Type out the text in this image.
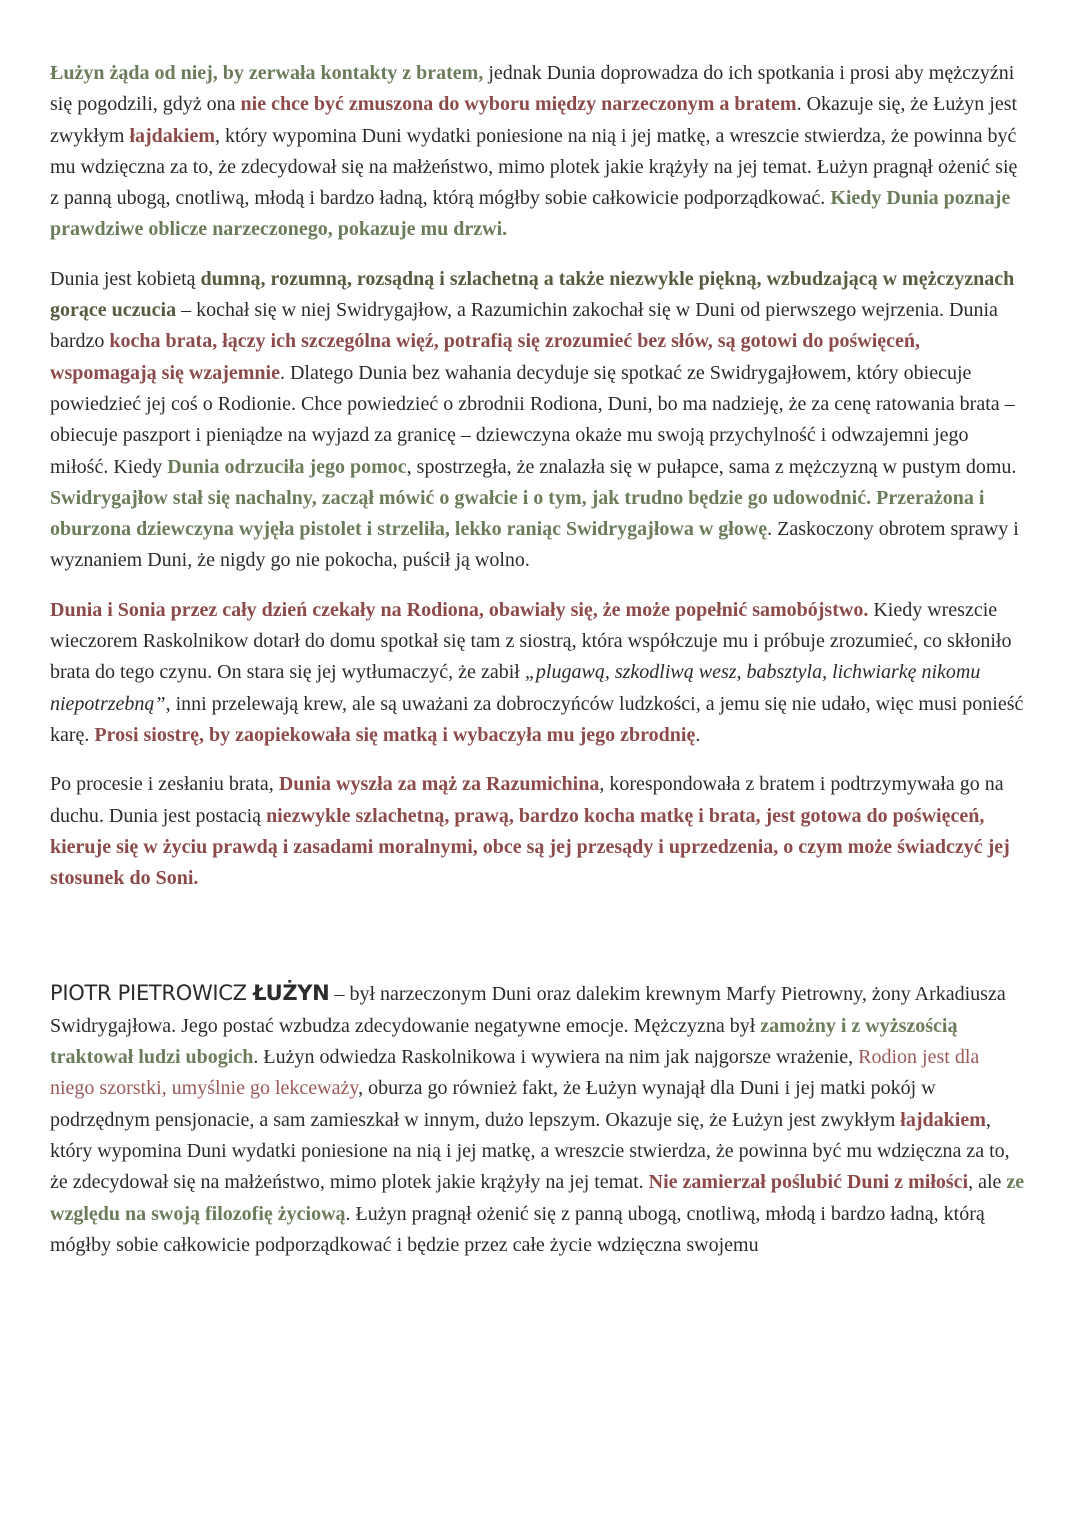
Łużyn żąda od niej, by zerwała kontakty z bratem, jednak Dunia doprowadza do ich spotkania i prosi aby mężczyźni się pogodzili, gdyż ona nie chce być zmuszona do wyboru między narzeczonym a bratem. Okazuje się, że Łużyn jest zwykłym łajdakiem, który wypomina Duni wydatki poniesione na nią i jej matkę, a wreszcie stwierdza, że powinna być mu wdzięczna za to, że zdecydował się na małżeństwo, mimo plotek jakie krążyły na jej temat. Łużyn pragnął ożenić się z panną ubogą, cnotliwą, młodą i bardzo ładną, którą mógłby sobie całkowicie podporządkować. Kiedy Dunia poznaje prawdziwe oblicze narzeczonego, pokazuje mu drzwi.

Dunia jest kobietą dumną, rozumną, rozsądną i szlachetną a także niezwykle piękną, wzbudzającą w mężczyznach gorące uczucia – kochał się w niej Swidrygajłow, a Razumichin zakochał się w Duni od pierwszego wejrzenia. Dunia bardzo kocha brata, łączy ich szczególna więź, potrafią się zrozumieć bez słów, są gotowi do poświęceń, wspomagają się wzajemnie. Dlatego Dunia bez wahania decyduje się spotkać ze Swidrygajłowem, który obiecuje powiedzieć jej coś o Rodionie. Chce powiedzieć o zbrodnii Rodiona, Duni, bo ma nadzieję, że za cenę ratowania brata – obiecuje paszport i pieniądze na wyjazd za granicę – dziewczyna okaże mu swoją przychylność i odwzajemni jego miłość. Kiedy Dunia odrzuciła jego pomoc, spostrzegła, że znalazła się w pułapce, sama z mężczyzną w pustym domu. Swidrygajłow stał się nachalny, zaczął mówić o gwałcie i o tym, jak trudno będzie go udowodnić. Przerażona i oburzona dziewczyna wyjęła pistolet i strzeliła, lekko raniąc Swidrygajłowa w głowę. Zaskoczony obrotem sprawy i wyznaniem Duni, że nigdy go nie pokocha, puścił ją wolno.

Dunia i Sonia przez cały dzień czekały na Rodiona, obawiały się, że może popełnić samobójstwo. Kiedy wreszcie wieczorem Raskolnikow dotarł do domu spotkał się tam z siostrą, która współczuje mu i próbuje zrozumieć, co skłoniło brata do tego czynu. On stara się jej wytłumaczyć, że zabił „plugawą, szkodliwą wesz, babsztyla, lichwiarkę nikomu niepotrzebną”, inni przelewają krew, ale są uważani za dobroczyńców ludzkości, a jemu się nie udało, więc musi ponieść karę. Prosi siostrę, by zaopiekowała się matką i wybaczyła mu jego zbrodnię.

Po procesie i zesłaniu brata, Dunia wyszła za mąż za Razumichina, korespondowała z bratem i podtrzymywała go na duchu. Dunia jest postacią niezwykle szlachetną, prawą, bardzo kocha matkę i brata, jest gotowa do poświęceń, kieruje się w życiu prawdą i zasadami moralnymi, obce są jej przesądy i uprzedzenia, o czym może świadczyć jej stosunek do Soni.

PIOTR PIETROWICZ ŁUŻYN – był narzeczonym Duni oraz dalekim krewnym Marfy Pietrowny, żony Arkadiusza Swidrygajłowa. Jego postać wzbudza zdecydowanie negatywne emocje. Mężczyzna był zamożny i z wyższością traktował ludzi ubogich. Łużyn odwiedza Raskolnikowa i wywiera na nim jak najgorsze wrażenie, Rodion jest dla niego szorstki, umyślnie go lekceważy, oburza go również fakt, że Łużyn wynajął dla Duni i jej matki pokój w podrzędnym pensjonacie, a sam zamieszkał w innym, dużo lepszym. Okazuje się, że Łużyn jest zwykłym łajdakiem, który wypomina Duni wydatki poniesione na nią i jej matkę, a wreszcie stwierdza, że powinna być mu wdzięczna za to, że zdecydował się na małżeństwo, mimo plotek jakie krążyły na jej temat. Nie zamierzał poślubić Duni z miłości, ale ze względu na swoją filozofię życiową. Łużyn pragnął ożenić się z panną ubogą, cnotliwą, młodą i bardzo ładną, którą mógłby sobie całkowicie podporządkować i będzie przez całe życie wdzięczna swojemu
